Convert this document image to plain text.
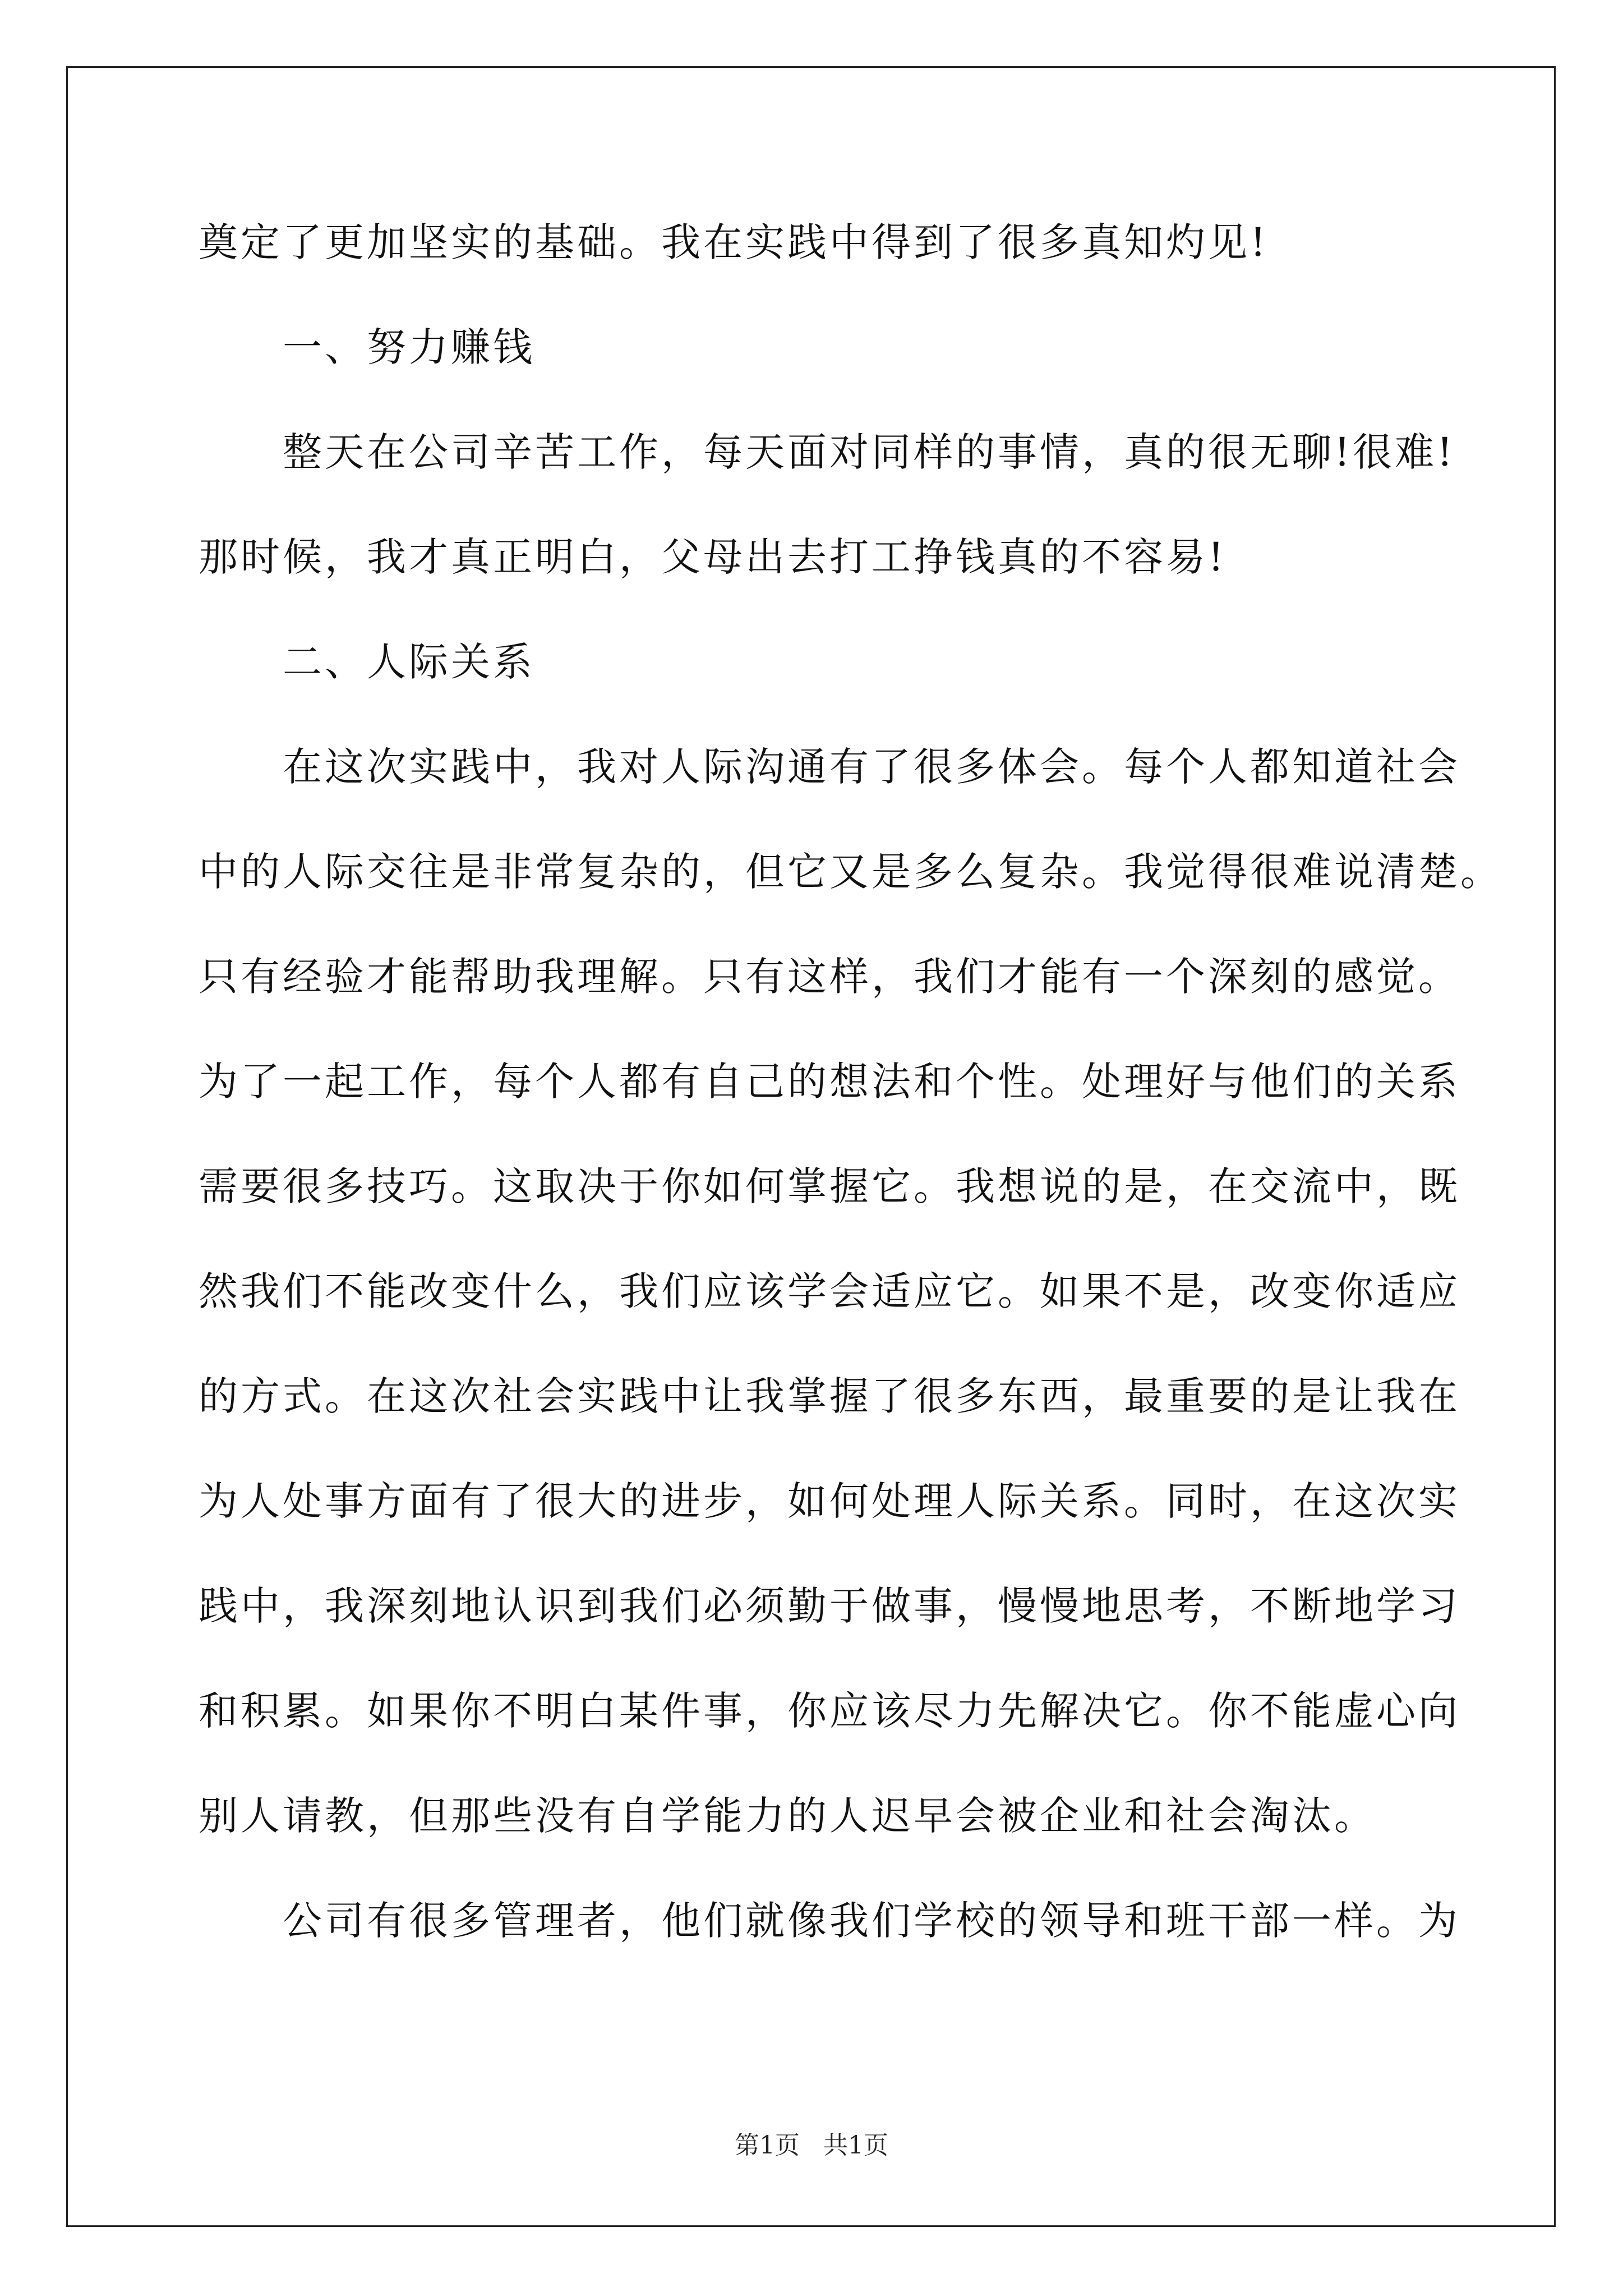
奠定了更加坚实的基础。我在实践中得到了很多真知灼见!
一、努力赚钱
整天在公司辛苦工作，每天面对同样的事情，真的很无聊!很难!
那时候，我才真正明白，父母出去打工挣钱真的不容易!
二、人际关系
在这次实践中，我对人际沟通有了很多体会。每个人都知道社会
中的人际交往是非常复杂的，但它又是多么复杂。我觉得很难说清楚。
只有经验才能帮助我理解。只有这样，我们才能有一个深刻的感觉。
为了一起工作，每个人都有自己的想法和个性。处理好与他们的关系
需要很多技巧。这取决于你如何掌握它。我想说的是，在交流中，既
然我们不能改变什么，我们应该学会适应它。如果不是，改变你适应
的方式。在这次社会实践中让我掌握了很多东西，最重要的是让我在
为人处事方面有了很大的进步，如何处理人际关系。同时，在这次实
践中，我深刻地认识到我们必须勤于做事，慢慢地思考，不断地学习
和积累。如果你不明白某件事，你应该尽力先解决它。你不能虚心向
别人请教，但那些没有自学能力的人迟早会被企业和社会淘汰。
公司有很多管理者，他们就像我们学校的领导和班干部一样。为
第1页 共1页
